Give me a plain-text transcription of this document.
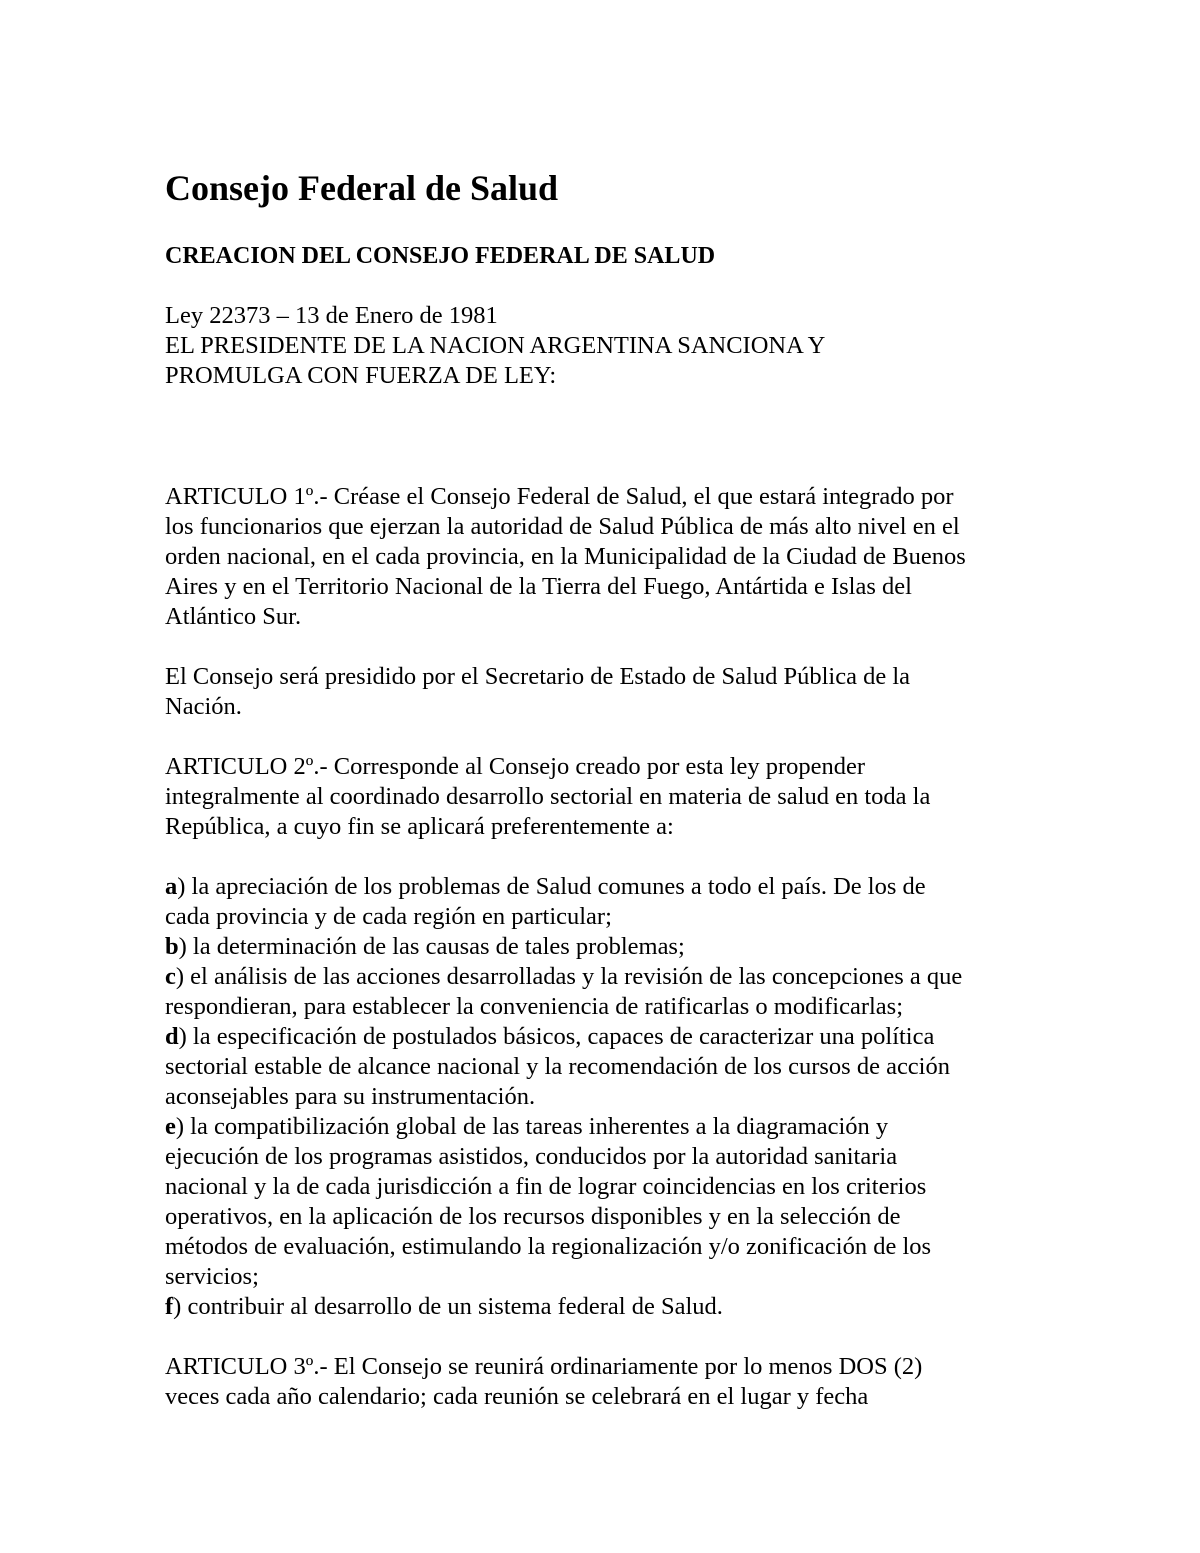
Consejo Federal de Salud
CREACION DEL CONSEJO FEDERAL DE SALUD

Ley 22373 – 13 de Enero de 1981

EL PRESIDENTE DE LA NACION ARGENTINA SANCIONA Y
PROMULGA CON FUERZA DE LEY:

ARTICULO 1º.- Créase el Consejo Federal de Salud, el que estará integrado por
los funcionarios que ejerzan la autoridad de Salud Pública de más alto nivel en el
orden nacional, en el cada provincia, en la Municipalidad de la Ciudad de Buenos
Aires y en el Territorio Nacional de la Tierra del Fuego, Antártida e Islas del
Atlántico Sur.

El Consejo será presidido por el Secretario de Estado de Salud Pública de la
Nación.

ARTICULO 2º.- Corresponde al Consejo creado por esta ley propender
integralmente al coordinado desarrollo sectorial en materia de salud en toda la
República, a cuyo fin se aplicará preferentemente a:

a) la apreciación de los problemas de Salud comunes a todo el país. De los de
cada provincia y de cada región en particular;
b) la determinación de las causas de tales problemas;
c) el análisis de las acciones desarrolladas y la revisión de las concepciones a que
respondieran, para establecer la conveniencia de ratificarlas o modificarlas;
d) la especificación de postulados básicos, capaces de caracterizar una política
sectorial estable de alcance nacional y la recomendación de los cursos de acción
aconsejables para su instrumentación.
e) la compatibilización global de las tareas inherentes a la diagramación y
ejecución de los programas asistidos, conducidos por la autoridad sanitaria
nacional y la de cada jurisdicción a fin de lograr coincidencias en los criterios
operativos, en la aplicación de los recursos disponibles y en la selección de
métodos de evaluación, estimulando la regionalización y/o zonificación de los
servicios;
f) contribuir al desarrollo de un sistema federal de Salud.

ARTICULO 3º.- El Consejo se reunirá ordinariamente por lo menos DOS (2)
veces cada año calendario; cada reunión se celebrará en el lugar y fecha
